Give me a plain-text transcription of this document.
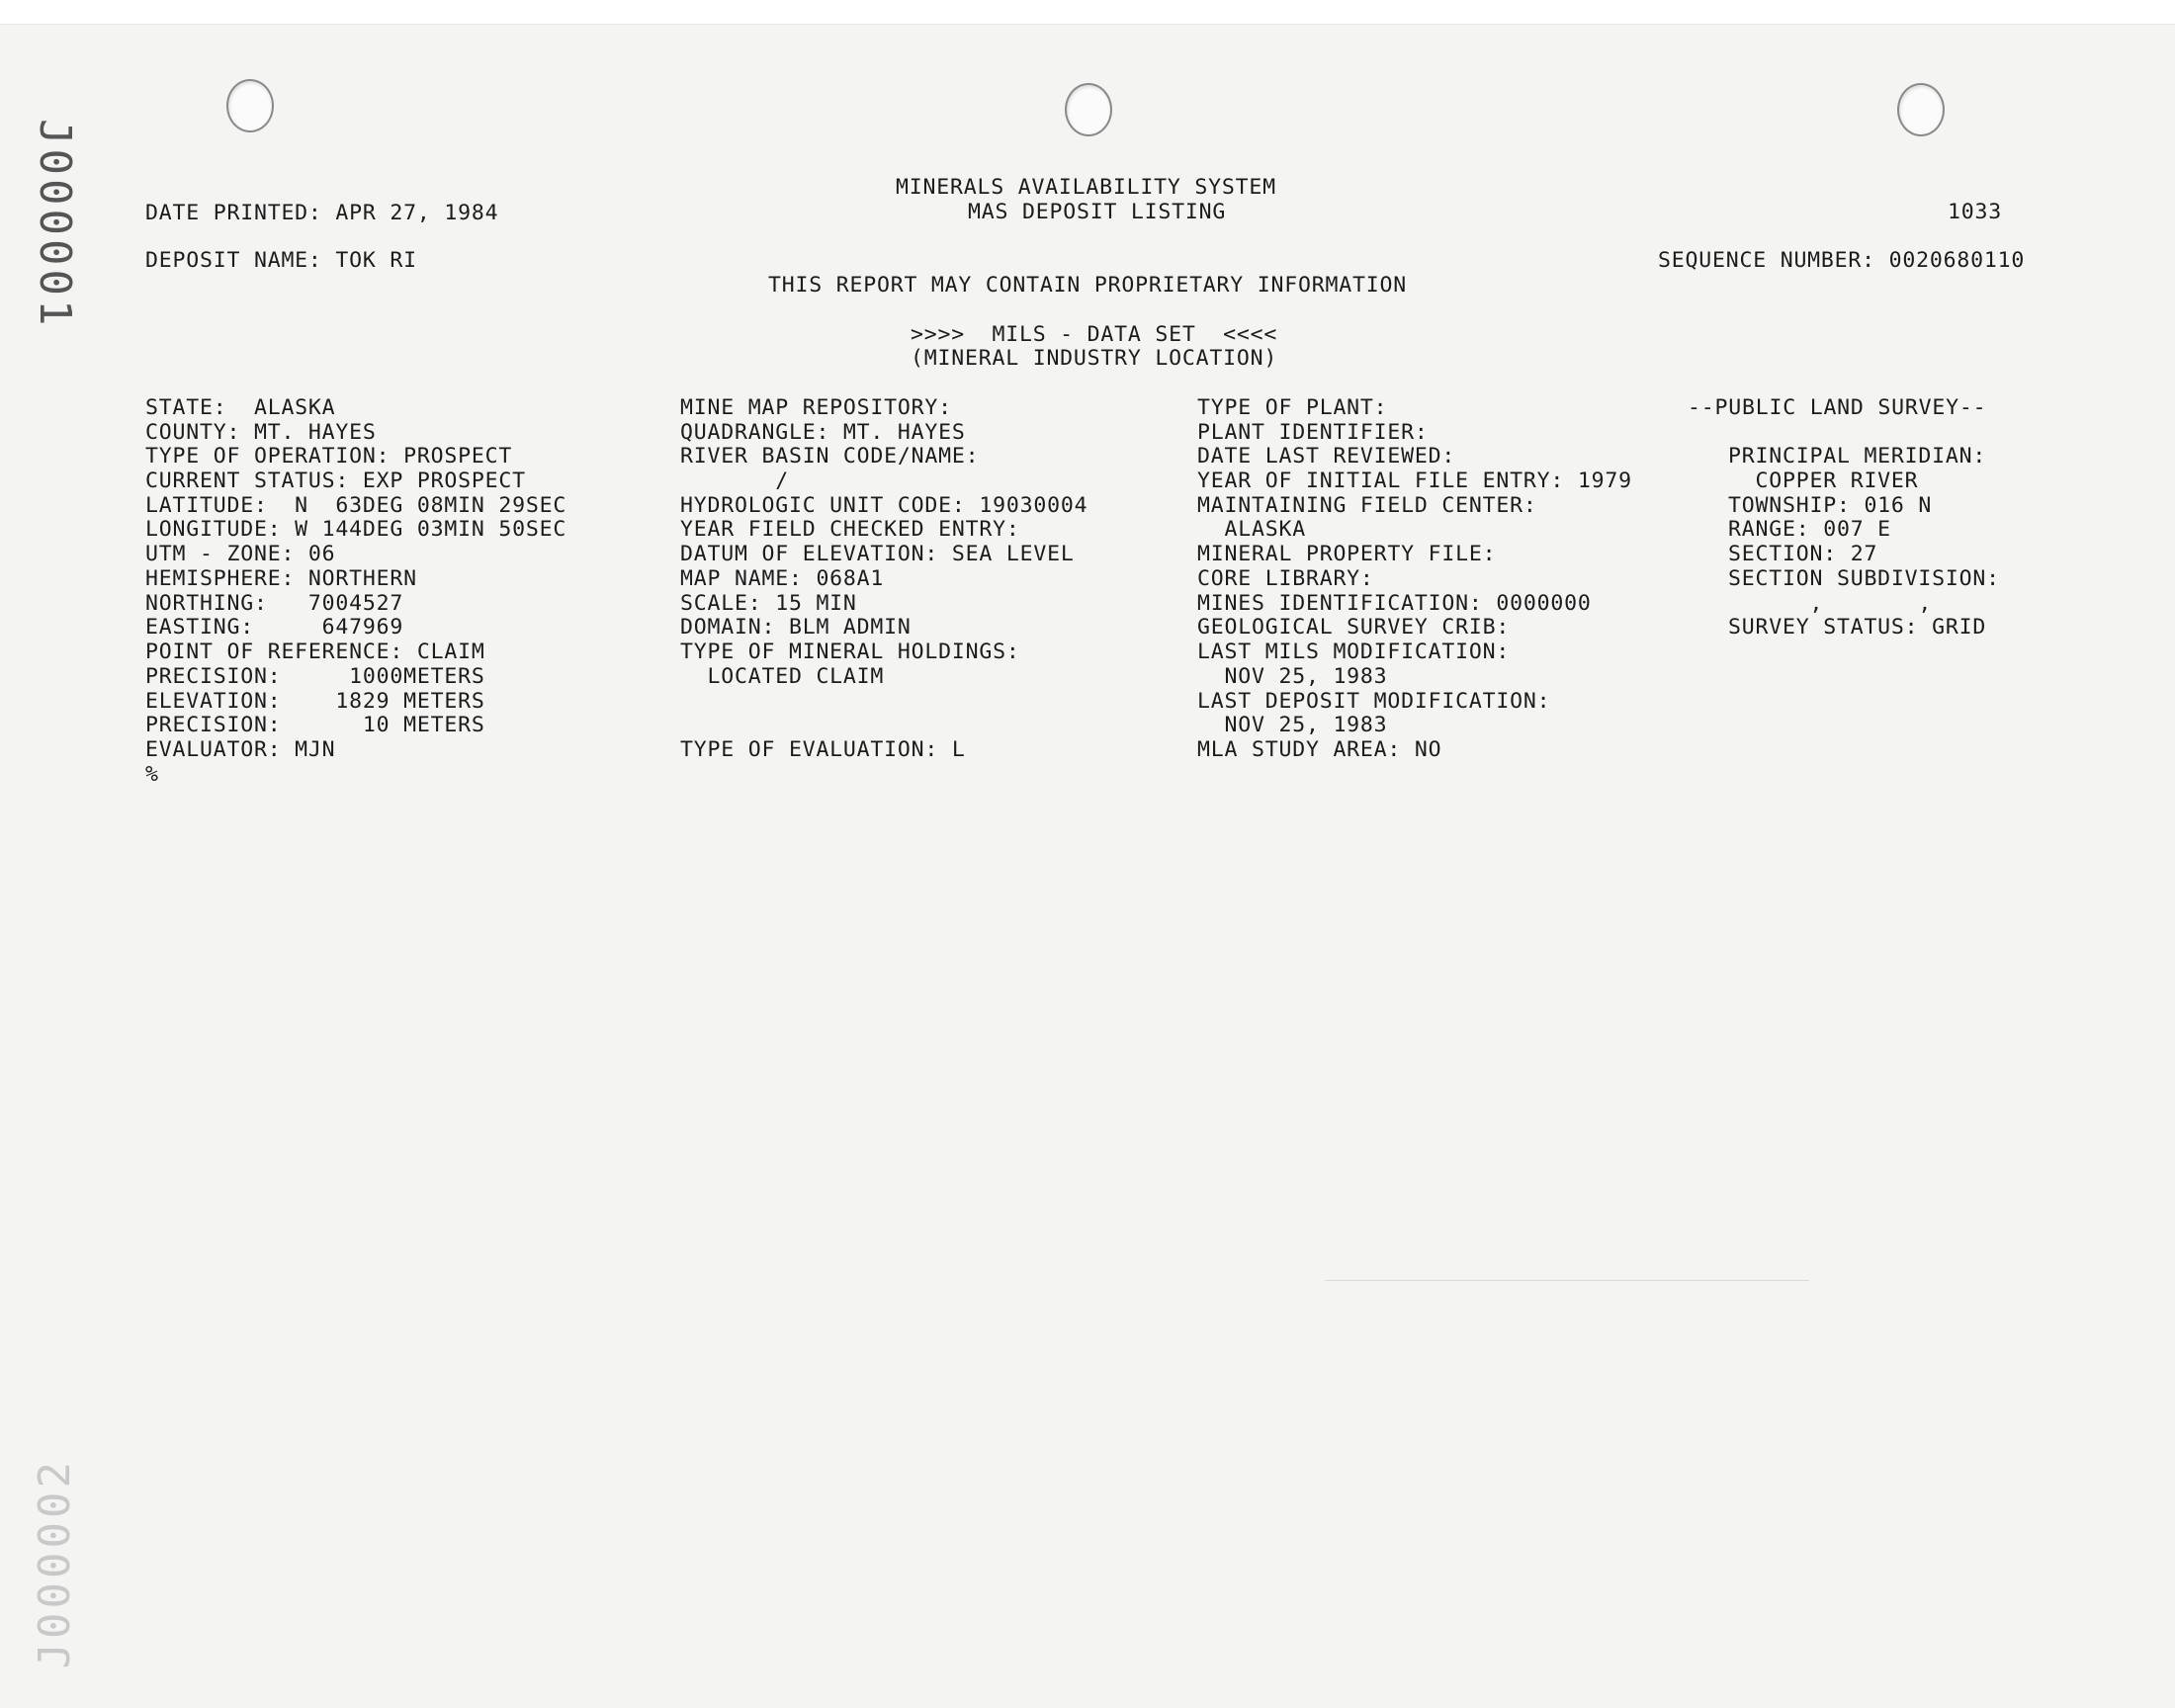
J000001
J000002
MINERALS AVAILABILITY SYSTEM
MAS DEPOSIT LISTING
DATE PRINTED: APR 27, 1984	1033
DEPOSIT NAME: TOK RI	SEQUENCE NUMBER: 0020680110
THIS REPORT MAY CONTAIN PROPRIETARY INFORMATION
>>>>  MILS - DATA SET  <<<<
(MINERAL INDUSTRY LOCATION)
STATE:  ALASKA
COUNTY: MT. HAYES
TYPE OF OPERATION: PROSPECT
CURRENT STATUS: EXP PROSPECT
LATITUDE:  N  63DEG 08MIN 29SEC
LONGITUDE: W 144DEG 03MIN 50SEC
UTM - ZONE: 06
HEMISPHERE: NORTHERN
NORTHING:   7004527
EASTING:     647969
POINT OF REFERENCE: CLAIM
PRECISION:     1000METERS
ELEVATION:    1829 METERS
PRECISION:      10 METERS
EVALUATOR: MJN
%
MINE MAP REPOSITORY:
QUADRANGLE: MT. HAYES
RIVER BASIN CODE/NAME:
/
HYDROLOGIC UNIT CODE: 19030004
YEAR FIELD CHECKED ENTRY:
DATUM OF ELEVATION: SEA LEVEL
MAP NAME: 068A1
SCALE: 15 MIN
DOMAIN: BLM ADMIN
TYPE OF MINERAL HOLDINGS:
LOCATED CLAIM
TYPE OF EVALUATION: L
TYPE OF PLANT:
PLANT IDENTIFIER:
DATE LAST REVIEWED:
YEAR OF INITIAL FILE ENTRY: 1979
MAINTAINING FIELD CENTER:
ALASKA
MINERAL PROPERTY FILE:
CORE LIBRARY:
MINES IDENTIFICATION: 0000000
GEOLOGICAL SURVEY CRIB:
LAST MILS MODIFICATION:
NOV 25, 1983
LAST DEPOSIT MODIFICATION:
NOV 25, 1983
MLA STUDY AREA: NO
--PUBLIC LAND SURVEY--
PRINCIPAL MERIDIAN:
COPPER RIVER
TOWNSHIP: 016 N
RANGE: 007 E
SECTION: 27
SECTION SUBDIVISION:
,       ,
SURVEY STATUS: GRID
